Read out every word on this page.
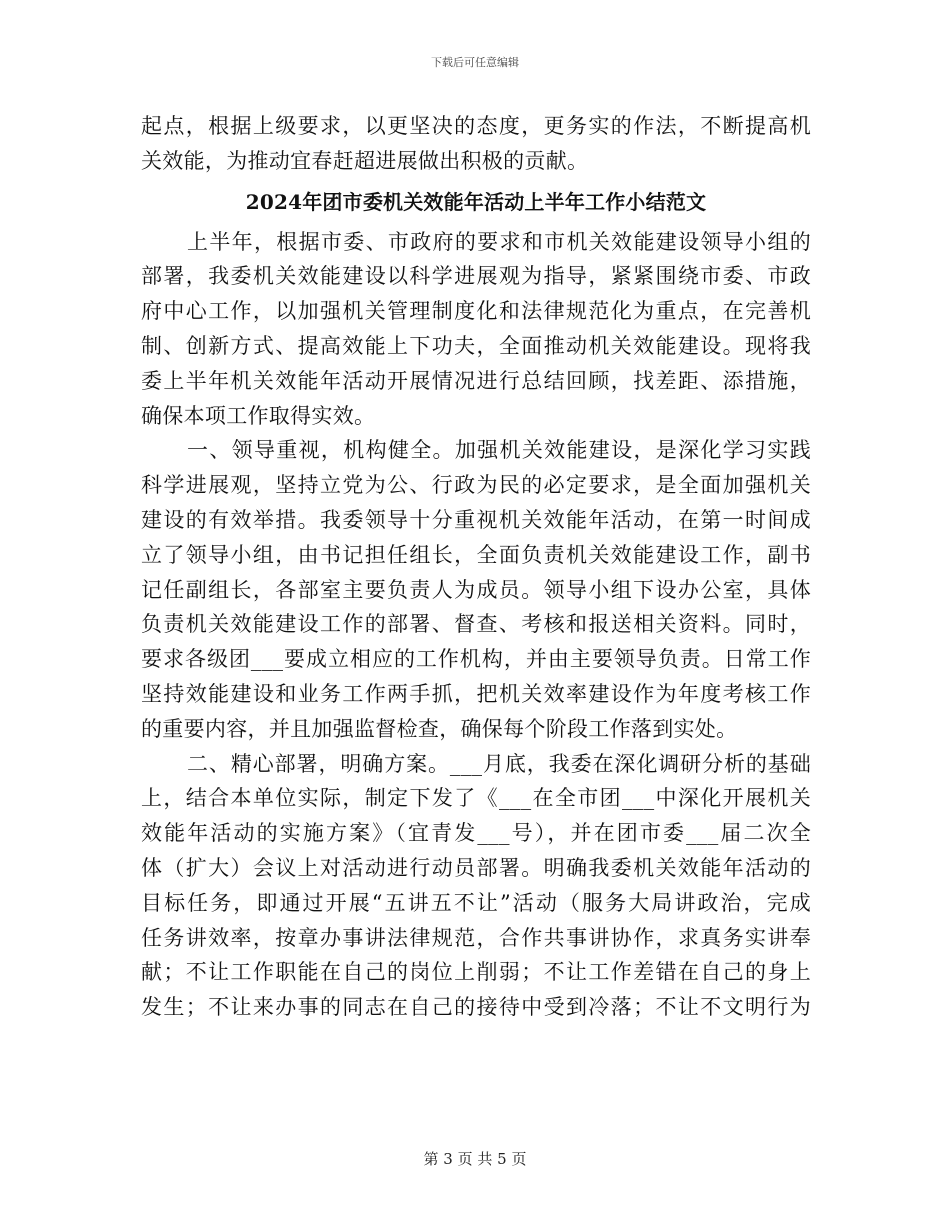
下载后可任意编辑
起点，根据上级要求，以更坚决的态度，更务实的作法，不断提高机
关效能，为推动宜春赶超进展做出积极的贡献。
2024年团市委机关效能年活动上半年工作小结范文
上半年，根据市委、市政府的要求和市机关效能建设领导小组的
部署，我委机关效能建设以科学进展观为指导，紧紧围绕市委、市政
府中心工作，以加强机关管理制度化和法律规范化为重点，在完善机
制、创新方式、提高效能上下功夫，全面推动机关效能建设。现将我
委上半年机关效能年活动开展情况进行总结回顾，找差距、添措施，
确保本项工作取得实效。
一、领导重视，机构健全。加强机关效能建设，是深化学习实践
科学进展观，坚持立党为公、行政为民的必定要求，是全面加强机关
建设的有效举措。我委领导十分重视机关效能年活动，在第一时间成
立了领导小组，由书记担任组长，全面负责机关效能建设工作，副书
记任副组长，各部室主要负责人为成员。领导小组下设办公室，具体
负责机关效能建设工作的部署、督查、考核和报送相关资料。同时，
要求各级团___要成立相应的工作机构，并由主要领导负责。日常工作
坚持效能建设和业务工作两手抓，把机关效率建设作为年度考核工作
的重要内容，并且加强监督检查，确保每个阶段工作落到实处。
二、精心部署，明确方案。___月底，我委在深化调研分析的基础
上，结合本单位实际，制定下发了《___在全市团___中深化开展机关
效能年活动的实施方案》（宜青发___号），并在团市委___届二次全
体（扩大）会议上对活动进行动员部署。明确我委机关效能年活动的
目标任务，即通过开展“五讲五不让”活动（服务大局讲政治，完成
任务讲效率，按章办事讲法律规范，合作共事讲协作，求真务实讲奉
献；不让工作职能在自己的岗位上削弱；不让工作差错在自己的身上
发生；不让来办事的同志在自己的接待中受到冷落；不让不文明行为
第 3 页 共 5 页
